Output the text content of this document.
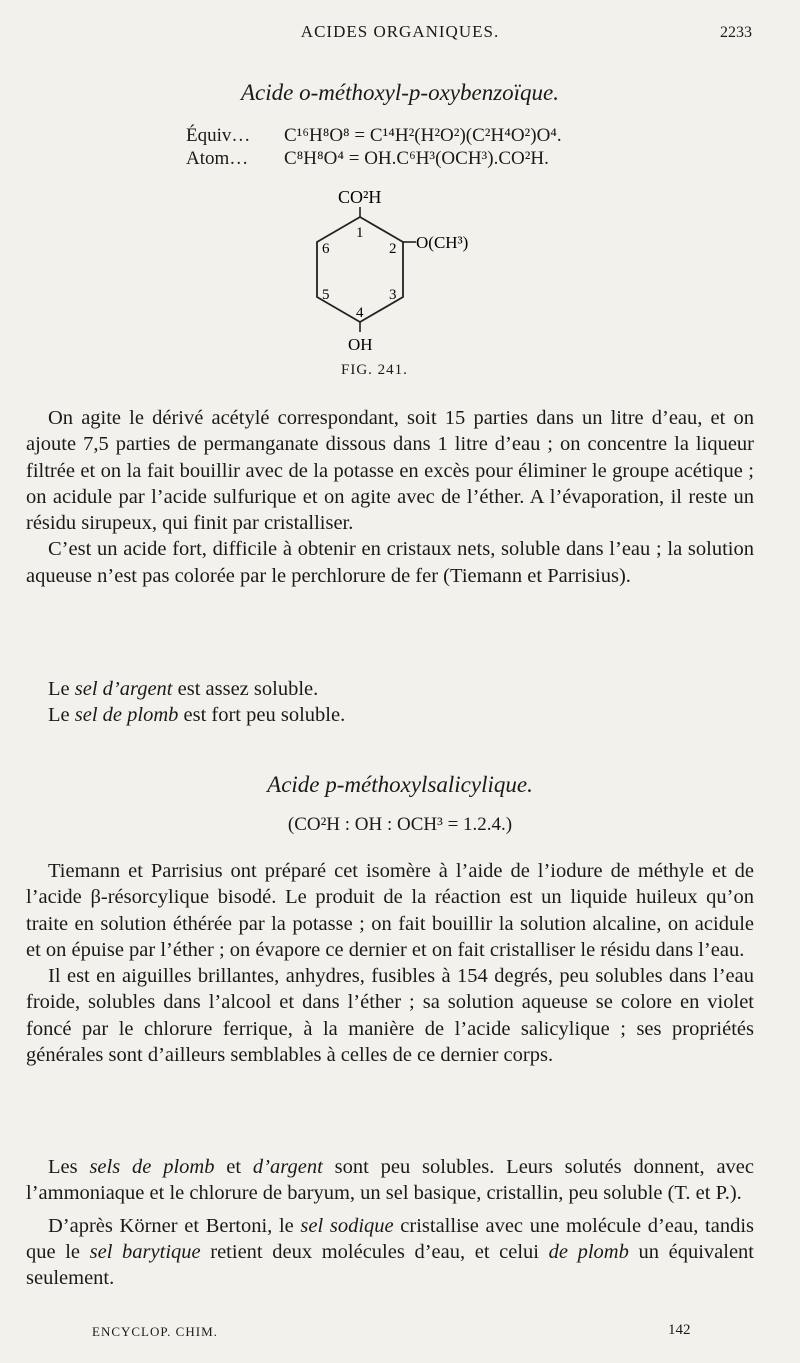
ACIDES ORGANIQUES.	2233
Acide o-méthoxyl-p-oxybenzoïque.
Équiv… C¹⁶H⁸O⁸ = C¹⁴H²(H²O²)(C²H⁴O²)O⁴.
Atom… C⁸H⁸O⁴ = OH.C⁶H³(OCH³).CO²H.
CO²H
O(CH³)
OH
1
2
3
4
5
6
FIG. 241.

On agite le dérivé acétylé correspondant, soit 15 parties dans un litre d’eau, et on ajoute 7,5 parties de permanganate dissous dans 1 litre d’eau ; on concentre la liqueur filtrée et on la fait bouillir avec de la potasse en excès pour éliminer le groupe acétique ; on acidule par l’acide sulfurique et on agite avec de l’éther. A l’évaporation, il reste un résidu sirupeux, qui finit par cristalliser.

C’est un acide fort, difficile à obtenir en cristaux nets, soluble dans l’eau ; la solution aqueuse n’est pas colorée par le perchlorure de fer (Tiemann et Parrisius).

Le sel d’argent est assez soluble.

Le sel de plomb est fort peu soluble.

Acide p-méthoxylsalicylique.
(CO²H : OH : OCH³ = 1.2.4.)

Tiemann et Parrisius ont préparé cet isomère à l’aide de l’iodure de méthyle et de l’acide β-résorcylique bisodé. Le produit de la réaction est un liquide huileux qu’on traite en solution éthérée par la potasse ; on fait bouillir la solution alcaline, on acidule et on épuise par l’éther ; on évapore ce dernier et on fait cristalliser le résidu dans l’eau.

Il est en aiguilles brillantes, anhydres, fusibles à 154 degrés, peu solubles dans l’eau froide, solubles dans l’alcool et dans l’éther ; sa solution aqueuse se colore en violet foncé par le chlorure ferrique, à la manière de l’acide salicylique ; ses propriétés générales sont d’ailleurs semblables à celles de ce dernier corps.

Les sels de plomb et d’argent sont peu solubles. Leurs solutés donnent, avec l’ammoniaque et le chlorure de baryum, un sel basique, cristallin, peu soluble (T. et P.).

D’après Körner et Bertoni, le sel sodique cristallise avec une molécule d’eau, tandis que le sel barytique retient deux molécules d’eau, et celui de plomb un équivalent seulement.

ENCYCLOP. CHIM.	142
